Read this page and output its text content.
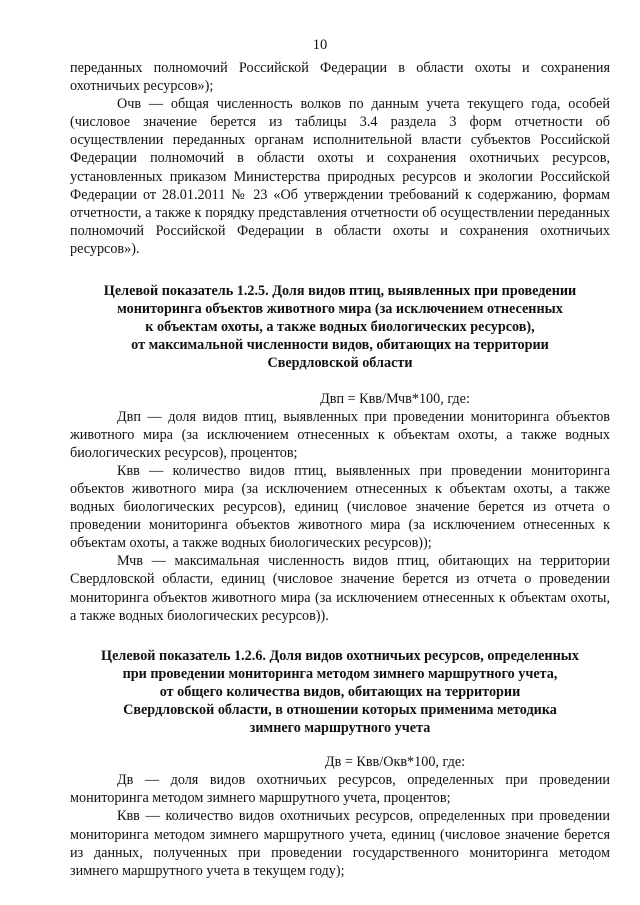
10

переданных полномочий Российской Федерации в области охоты и сохранения охотничьих ресурсов»);

Очв — общая численность волков по данным учета текущего года, особей (числовое значение берется из таблицы 3.4 раздела 3 форм отчетности об осуществлении переданных органам исполнительной власти субъектов Российской Федерации полномочий в области охоты и сохранения охотничьих ресурсов, установленных приказом Министерства природных ресурсов и экологии Российской Федерации от 28.01.2011 № 23 «Об утверждении требований к содержанию, формам отчетности, а также к порядку представления отчетности об осуществлении переданных полномочий Российской Федерации в области охоты и сохранения охотничьих ресурсов»).

Целевой показатель 1.2.5. Доля видов птиц, выявленных при проведении
мониторинга объектов животного мира (за исключением отнесенных
к объектам охоты, а также водных биологических ресурсов),
от максимальной численности видов, обитающих на территории
Свердловской области

Двп = Квв/Мчв*100, где:

Двп — доля видов птиц, выявленных при проведении мониторинга объектов животного мира (за исключением отнесенных к объектам охоты, а также водных биологических ресурсов), процентов;

Квв — количество видов птиц, выявленных при проведении мониторинга объектов животного мира (за исключением отнесенных к объектам охоты, а также водных биологических ресурсов), единиц (числовое значение берется из отчета о проведении мониторинга объектов животного мира (за исключением отнесенных к объектам охоты, а также водных биологических ресурсов));

Мчв — максимальная численность видов птиц, обитающих на территории Свердловской области, единиц (числовое значение берется из отчета о проведении мониторинга объектов животного мира (за исключением отнесенных к объектам охоты, а также водных биологических ресурсов)).

Целевой показатель 1.2.6. Доля видов охотничьих ресурсов, определенных
при проведении мониторинга методом зимнего маршрутного учета,
от общего количества видов, обитающих на территории
Свердловской области, в отношении которых применима методика
зимнего маршрутного учета

Дв = Квв/Окв*100, где:

Дв — доля видов охотничьих ресурсов, определенных при проведении мониторинга методом зимнего маршрутного учета, процентов;

Квв — количество видов охотничьих ресурсов, определенных при проведении мониторинга методом зимнего маршрутного учета, единиц (числовое значение берется из данных, полученных при проведении государственного мониторинга методом зимнего маршрутного учета в текущем году);
